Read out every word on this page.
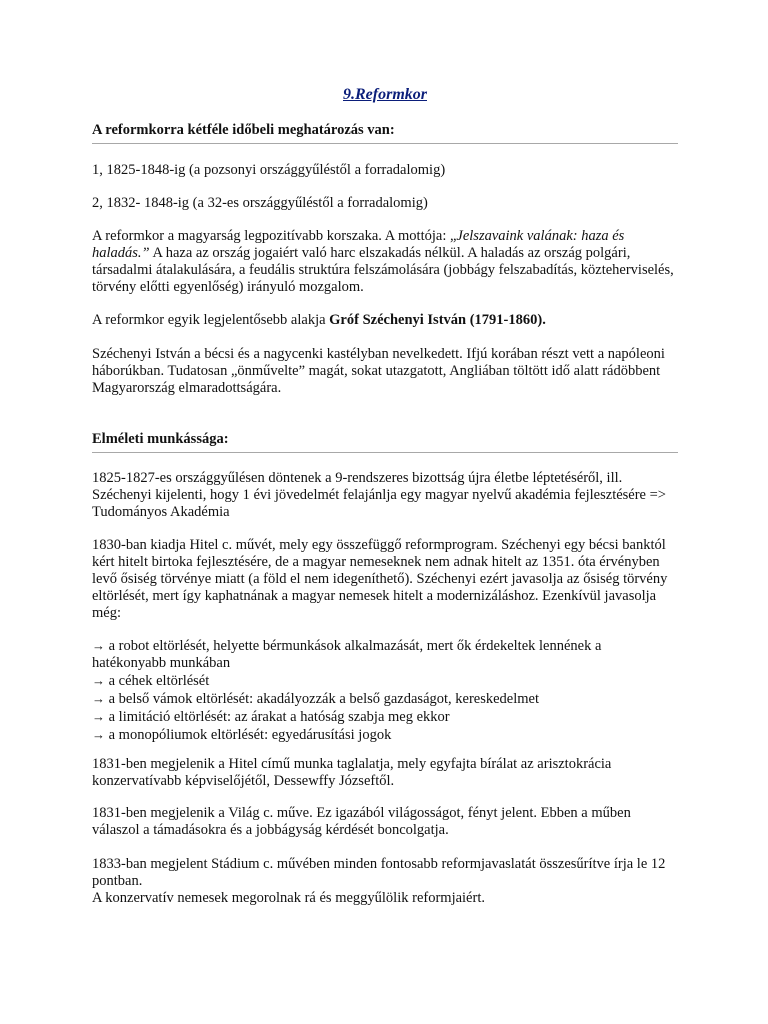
9.Reformkor
A reformkorra kétféle időbeli meghatározás van:

1, 1825-1848-ig (a pozsonyi országgyűléstől a forradalomig)

2, 1832- 1848-ig (a 32-es országgyűléstől a forradalomig)

A reformkor a magyarság legpozitívabb korszaka. A mottója: „Jelszavaink valának: haza és haladás.” A haza az ország jogaiért való harc elszakadás nélkül. A haladás az ország polgári, társadalmi átalakulására, a feudális struktúra felszámolására (jobbágy felszabadítás, közteherviselés, törvény előtti egyenlőség) irányuló mozgalom.

A reformkor egyik legjelentősebb alakja Gróf Széchenyi István (1791-1860).

Széchenyi István a bécsi és a nagycenki kastélyban nevelkedett. Ifjú korában részt vett a napóleoni háborúkban. Tudatosan „önművelte” magát, sokat utazgatott, Angliában töltött idő alatt rádöbbent Magyarország elmaradottságára.

Elméleti munkássága:

1825-1827-es országgyűlésen döntenek a 9-rendszeres bizottság újra életbe léptetéséről, ill. Széchenyi kijelenti, hogy 1 évi jövedelmét felajánlja egy magyar nyelvű akadémia fejlesztésére => Tudományos Akadémia

1830-ban kiadja Hitel c. művét, mely egy összefüggő reformprogram. Széchenyi egy bécsi banktól kért hitelt birtoka fejlesztésére, de a magyar nemeseknek nem adnak hitelt az 1351. óta érvényben levő ősiség törvénye miatt (a föld el nem idegeníthető). Széchenyi ezért javasolja az ősiség törvény eltörlését, mert így kaphatnának a magyar nemesek hitelt a modernizáláshoz. Ezenkívül javasolja még:

→ a robot eltörlését, helyette bérmunkások alkalmazását, mert ők érdekeltek lennének a hatékonyabb munkában
→ a céhek eltörlését
→ a belső vámok eltörlését: akadályozzák a belső gazdaságot, kereskedelmet
→ a limitáció eltörlését: az árakat a hatóság szabja meg ekkor
→ a monopóliumok eltörlését: egyedárusítási jogok

1831-ben megjelenik a Hitel című munka taglalatja, mely egyfajta bírálat az arisztokrácia konzervatívabb képviselőjétől, Dessewffy Józseftől.

1831-ben megjelenik a Világ c. műve. Ez igazából világosságot, fényt jelent. Ebben a műben válaszol a támadásokra és a jobbágyság kérdését boncolgatja.

1833-ban megjelent Stádium c. művében minden fontosabb reformjavaslatát összesűrítve írja le 12 pontban.
A konzervatív nemesek megorolnak rá és meggyűlölik reformjaiért.
